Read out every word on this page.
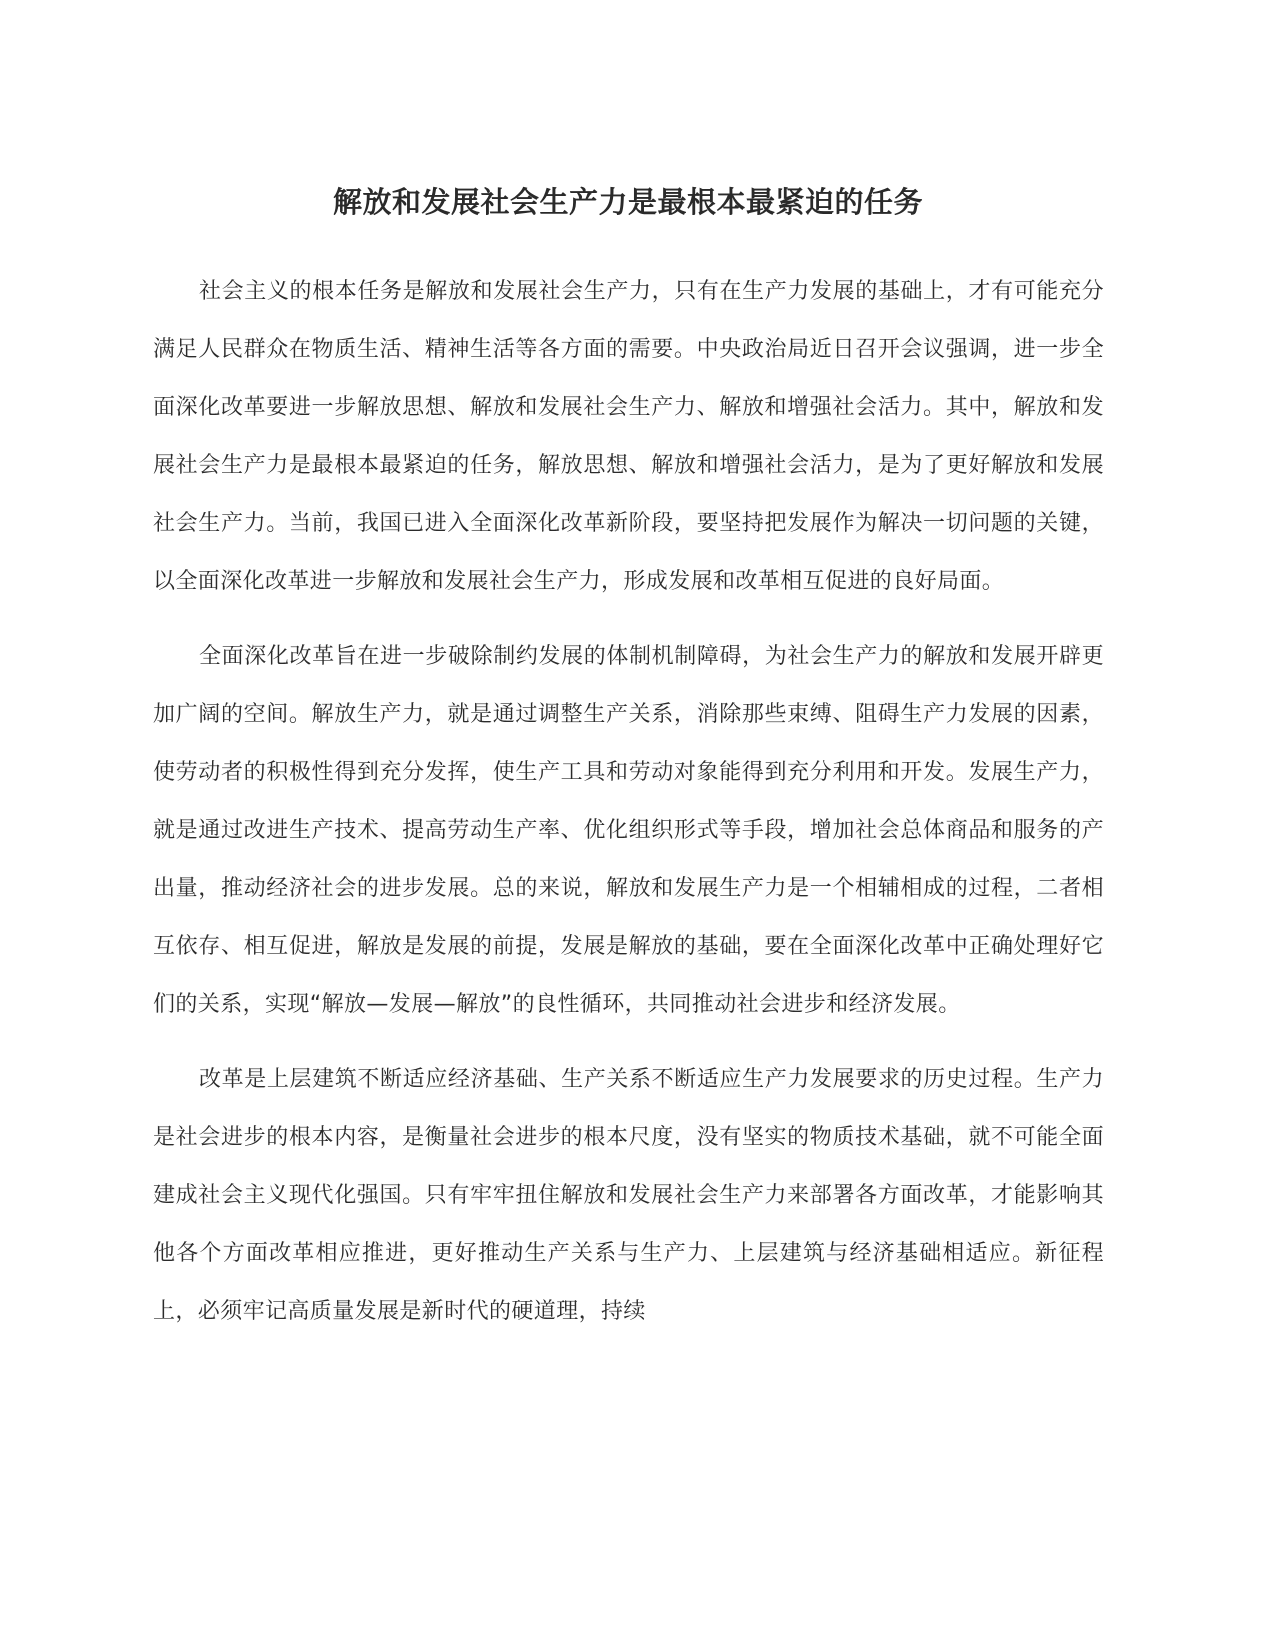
解放和发展社会生产力是最根本最紧迫的任务

社会主义的根本任务是解放和发展社会生产力，只有在生产力发展的基础上，才有可能充分满足人民群众在物质生活、精神生活等各方面的需要。中央政治局近日召开会议强调，进一步全面深化改革要进一步解放思想、解放和发展社会生产力、解放和增强社会活力。其中，解放和发展社会生产力是最根本最紧迫的任务，解放思想、解放和增强社会活力，是为了更好解放和发展社会生产力。当前，我国已进入全面深化改革新阶段，要坚持把发展作为解决一切问题的关键，以全面深化改革进一步解放和发展社会生产力，形成发展和改革相互促进的良好局面。

全面深化改革旨在进一步破除制约发展的体制机制障碍，为社会生产力的解放和发展开辟更加广阔的空间。解放生产力，就是通过调整生产关系，消除那些束缚、阻碍生产力发展的因素，使劳动者的积极性得到充分发挥，使生产工具和劳动对象能得到充分利用和开发。发展生产力，就是通过改进生产技术、提高劳动生产率、优化组织形式等手段，增加社会总体商品和服务的产出量，推动经济社会的进步发展。总的来说，解放和发展生产力是一个相辅相成的过程，二者相互依存、相互促进，解放是发展的前提，发展是解放的基础，要在全面深化改革中正确处理好它们的关系，实现“解放—发展—解放”的良性循环，共同推动社会进步和经济发展。

改革是上层建筑不断适应经济基础、生产关系不断适应生产力发展要求的历史过程。生产力是社会进步的根本内容，是衡量社会进步的根本尺度，没有坚实的物质技术基础，就不可能全面建成社会主义现代化强国。只有牢牢扭住解放和发展社会生产力来部署各方面改革，才能影响其他各个方面改革相应推进，更好推动生产关系与生产力、上层建筑与经济基础相适应。新征程上，必须牢记高质量发展是新时代的硬道理，持续
